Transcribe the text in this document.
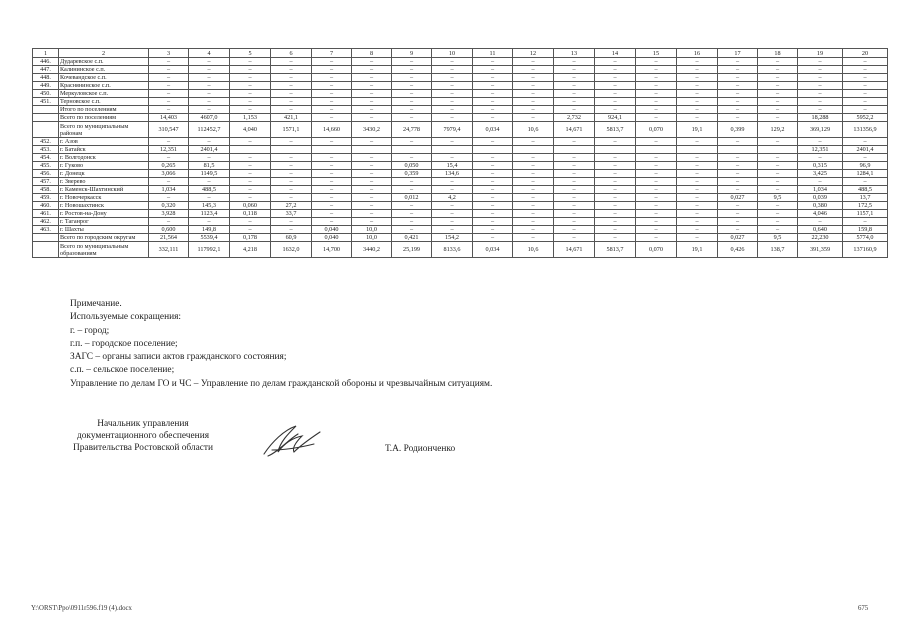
1	2	3	4	5	6	7	8	9	10	11	12	13	14	15	16	17	18	19	20
446.	Дударевское с.п.	–	–	–	–	–	–	–	–	–	–	–	–	–	–	–	–	–	–
447.	Калининское с.п.	–	–	–	–	–	–	–	–	–	–	–	–	–	–	–	–	–	–
448.	Кочевандское с.п.	–	–	–	–	–	–	–	–	–	–	–	–	–	–	–	–	–	–
449.	Краснянинское с.п.	–	–	–	–	–	–	–	–	–	–	–	–	–	–	–	–	–	–
450.	Меркуловское с.п.	–	–	–	–	–	–	–	–	–	–	–	–	–	–	–	–	–	–
451.	Терновское с.п.	–	–	–	–	–	–	–	–	–	–	–	–	–	–	–	–	–	–
	Итого по поселениям	–	–	–	–	–	–	–	–	–	–	–	–	–	–	–	–	–	–
	Всего по поселениям	14,403	4607,0	1,153	421,1	–	–	–	–	–	–	2,732	924,1	–	–	–	–	18,288	5952,2
	Всего по муниципальным районам	310,547	112452,7	4,040	1571,1	14,660	3430,2	24,778	7979,4	0,034	10,6	14,671	5813,7	0,070	19,1	0,399	129,2	369,129	131356,9
452.	г. Азов	–	–	–	–	–	–	–	–	–	–	–	–	–	–	–	–	–	–
453.	г. Батайск	12,351	2401,4															12,351	2401,4
454.	г. Волгодонск	–	–	–	–	–	–	–	–	–	–	–	–	–	–	–	–	–	–
455.	г. Гуково	0,265	81,5	–	–	–	–	0,050	15,4	–	–	–	–	–	–	–	–	0,315	96,9
456.	г. Донецк	3,066	1149,5	–	–	–	–	0,359	134,6	–	–	–	–	–	–	–	–	3,425	1284,1
457.	г. Зверево	–	–	–	–	–	–	–	–	–	–	–	–	–	–	–	–	–	–
458.	г. Каменск-Шахтинский	1,034	488,5	–	–	–	–	–	–	–	–	–	–	–	–	–	–	1,034	488,5
459.	г. Новочеркасск	–	–	–	–	–	–	0,012	4,2	–	–	–	–	–	–	0,027	9,5	0,039	13,7
460.	г. Новошахтинск	0,320	145,3	0,060	27,2	–	–	–	–	–	–	–	–	–	–	–	–	0,380	172,5
461.	г. Ростов-на-Дону	3,928	1123,4	0,118	33,7	–	–	–	–	–	–	–	–	–	–	–	–	4,046	1157,1
462.	г. Таганрог	–	–	–	–	–	–	–	–	–	–	–	–	–	–	–	–	–	–
463.	г. Шахты	0,600	149,8	–	–	0,040	10,0	–	–	–	–	–	–	–	–	–	–	0,640	159,8
	Всего по городским округам	21,564	5539,4	0,178	60,9	0,040	10,0	0,421	154,2	–	–	–	–	–	–	0,027	9,5	22,230	5774,0
	Всего по муниципальным образованиям	332,111	117992,1	4,218	1632,0	14,700	3440,2	25,199	8133,6	0,034	10,6	14,671	5813,7	0,070	19,1	0,426	138,7	391,359	137160,9
Примечание.
Используемые сокращения:
г. – город;
г.п. – городское поселение;
ЗАГС – органы записи актов гражданского состояния;
с.п. – сельское поселение;
Управление по делам ГО и ЧС – Управление по делам гражданской обороны и чрезвычайным ситуациям.
Начальник управления
документационного обеспечения
Правительства Ростовской области	Т.А. Родионченко
Y:\ORST\Ppo\0911r596.f19 (4).docx	675
